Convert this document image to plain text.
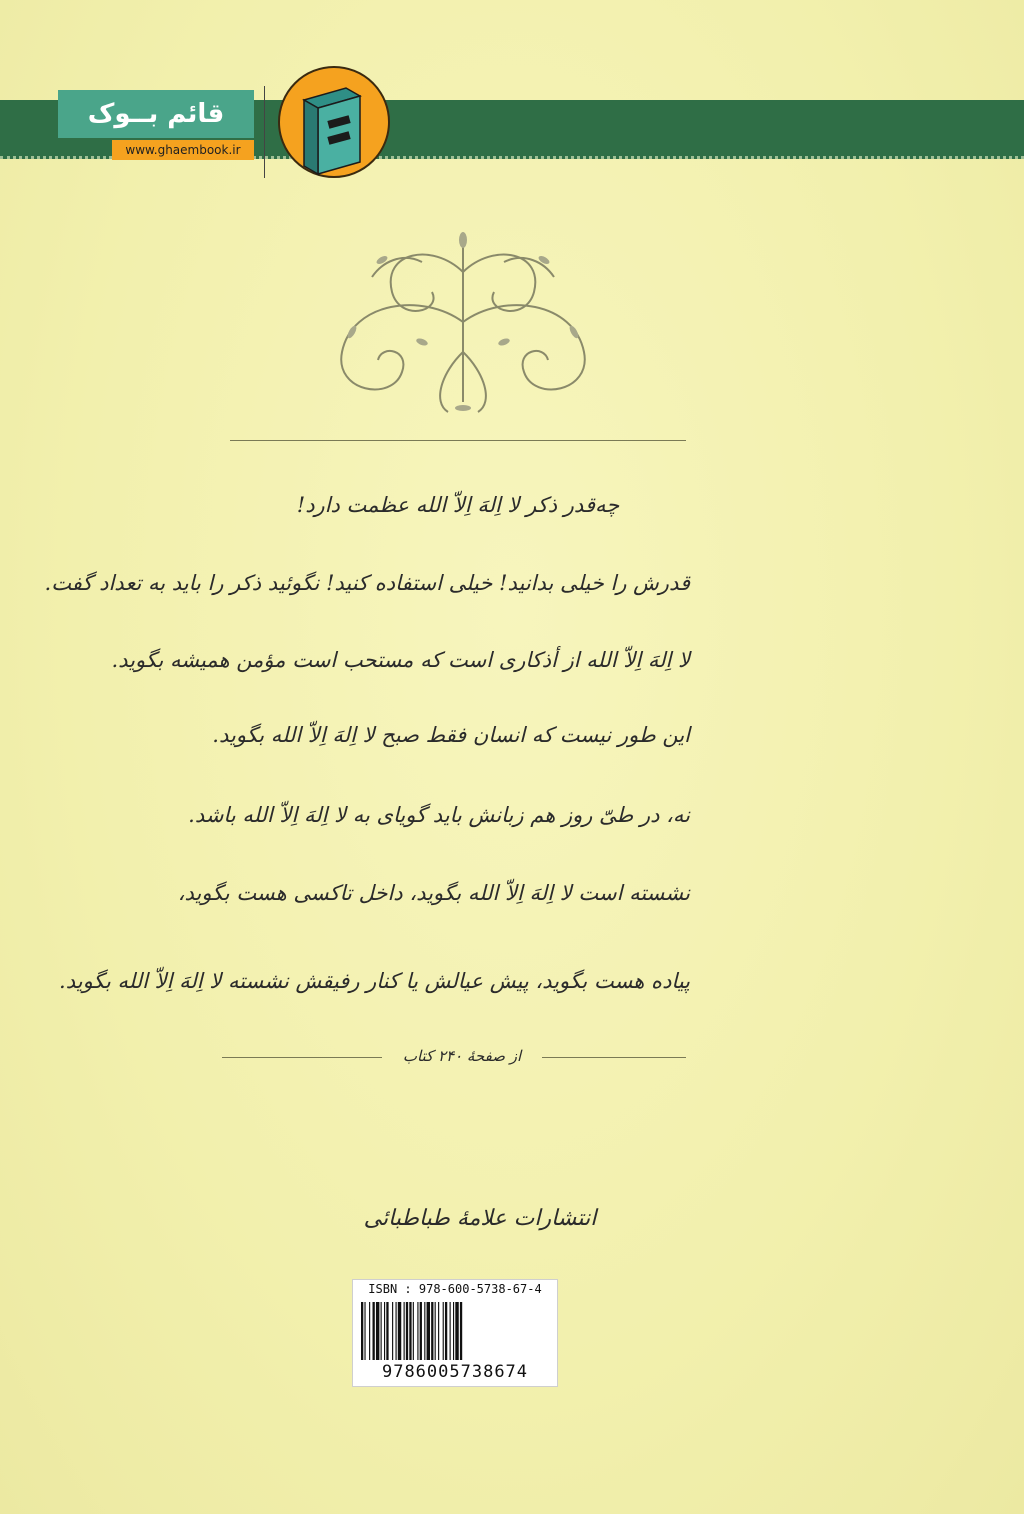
قائم بــوک
www.ghaembook.ir
چه‌قدر ذکر لا اِلهَ اِلاّ الله عظمت دارد!
قدرش را خیلی بدانید! خیلی استفاده کنید! نگوئید ذکر را باید به تعداد گفت.
لا اِلهَ اِلاّ الله از أذکاری است که مستحب است مؤمن همیشه بگوید.
این طور نیست که انسان فقط صبح لا اِلهَ اِلاّ الله بگوید.
نه، در طیّ روز هم زبانش باید گویای به لا اِلهَ اِلاّ الله باشد.
نشسته است لا اِلهَ اِلاّ الله بگوید، داخل تاکسی هست بگوید،
پیاده هست بگوید، پیش عیالش یا کنار رفیقش نشسته لا اِلهَ اِلاّ الله بگوید.
از صفحهٔ ۲۴۰ کتاب
انتشارات علامهٔ طباطبائی
ISBN : 978-600-5738-67-4
9786005738674
